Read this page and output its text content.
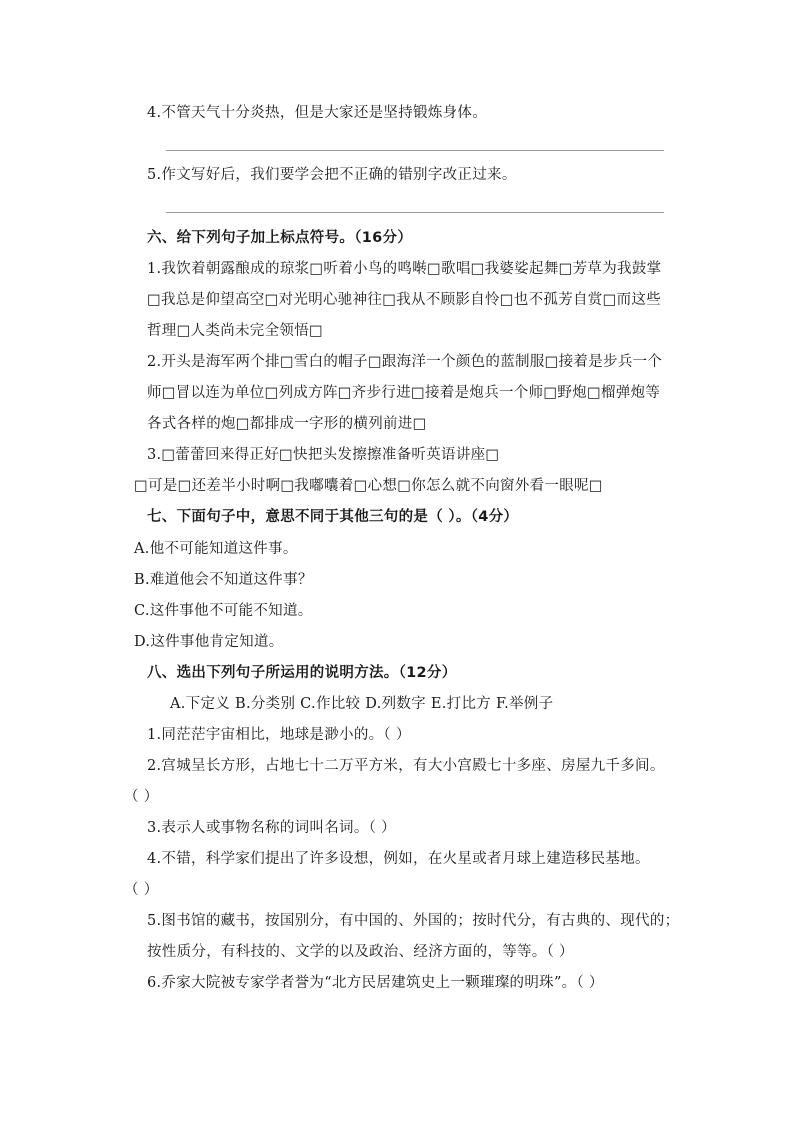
4.不管天气十分炎热，但是大家还是坚持锻炼身体。
5.作文写好后，我们要学会把不正确的错别字改正过来。
六、给下列句子加上标点符号。（16分）
1.我饮着朝露酿成的琼浆□听着小鸟的鸣啭□歌唱□我婆娑起舞□芳草为我鼓掌
□我总是仰望高空□对光明心驰神往□我从不顾影自怜□也不孤芳自赏□而这些
哲理□人类尚未完全领悟□
2.开头是海军两个排□雪白的帽子□跟海洋一个颜色的蓝制服□接着是步兵一个
师□冒以连为单位□列成方阵□齐步行进□接着是炮兵一个师□野炮□榴弹炮等
各式各样的炮□都排成一字形的横列前进□
3.□蕾蕾回来得正好□快把头发擦擦准备听英语讲座□
□可是□还差半小时啊□我嘟囔着□心想□你怎么就不向窗外看一眼呢□
七、下面句子中，意思不同于其他三句的是（ ）。（4分）
A.他不可能知道这件事。
B.难道他会不知道这件事？
C.这件事他不可能不知道。
D.这件事他肯定知道。
八、选出下列句子所运用的说明方法。（12分）
A.下定义 B.分类别 C.作比较 D.列数字 E.打比方 F.举例子
1.同茫茫宇宙相比，地球是渺小的。（ ）
2.宫城呈长方形，占地七十二万平方米，有大小宫殿七十多座、房屋九千多间。
（ ）
3.表示人或事物名称的词叫名词。（ ）
4.不错，科学家们提出了许多设想，例如，在火星或者月球上建造移民基地。
（ ）
5.图书馆的藏书，按国别分，有中国的、外国的；按时代分，有古典的、现代的；
按性质分，有科技的、文学的以及政治、经济方面的，等等。（ ）
6.乔家大院被专家学者誉为“北方民居建筑史上一颗璀璨的明珠”。（ ）
